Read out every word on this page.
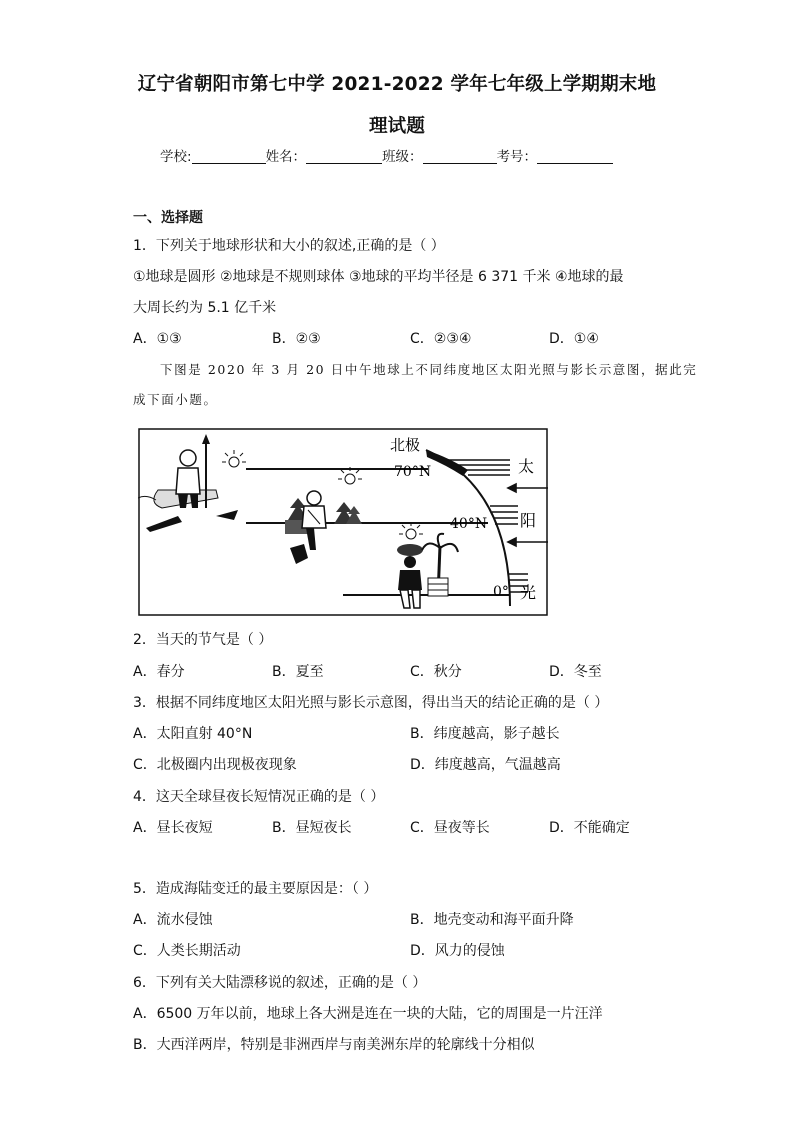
辽宁省朝阳市第七中学 2021-2022 学年七年级上学期期末地
理试题
学校:	姓名：	班级：	考号：
一、选择题
1．下列关于地球形状和大小的叙述,正确的是（ ）
①地球是圆形 ②地球是不规则球体 ③地球的平均半径是 6 371 千米 ④地球的最
大周长约为 5.1 亿千米
A．①③	B．②③	C．②③④	D．①④
下图是 2020 年 3 月 20 日中午地球上不同纬度地区太阳光照与影长示意图，据此完
成下面小题。
北极
70°N
40°N
0°
太
阳
光
2．当天的节气是（ ）
A．春分	B．夏至	C．秋分	D．冬至
3．根据不同纬度地区太阳光照与影长示意图，得出当天的结论正确的是（ ）
A．太阳直射 40°N	B．纬度越高，影子越长
C．北极圈内出现极夜现象	D．纬度越高，气温越高
4．这天全球昼夜长短情况正确的是（ ）
A．昼长夜短	B．昼短夜长	C．昼夜等长	D．不能确定
5．造成海陆变迁的最主要原因是：（ ）
A．流水侵蚀	B．地壳变动和海平面升降
C．人类长期活动	D．风力的侵蚀
6．下列有关大陆漂移说的叙述，正确的是（ ）
A．6500 万年以前，地球上各大洲是连在一块的大陆，它的周围是一片汪洋
B．大西洋两岸，特别是非洲西岸与南美洲东岸的轮廓线十分相似
